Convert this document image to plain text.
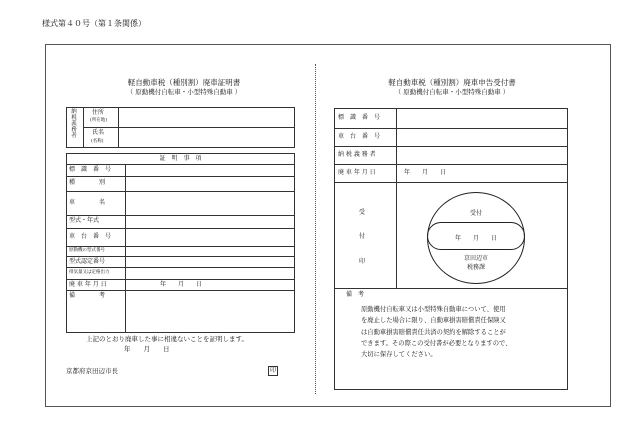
様式第４０号（第１条関係）
軽自動車税（種別割）廃車証明書
（ 原動機付自転車・小型特殊自動車 ）
納
税
義
務
者
住所
(所在地)
氏名
(名称)
証　明　事　項
標　識　番　号
種　　　　別
車　　　　名
型式・年式
車　台　番　号
原動機の型式番号
型式認定番号
排気量又は定格出力
廃 車 年 月 日	年　　月　　日
備　　　　考
上記のとおり廃車した事に相違ないことを証明します。
年　　月　　日
京都府京田辺市長	印
軽自動車税（種別割）廃車申告受付書
（ 原動機付自転車・小型特殊自動車 ）
標　識　番　号
車　台　番　号
納 税 義 務 者
廃 車 年 月 日	年　　月　　日
受
付
印
受付
年　　月　　日
京田辺市
税務課
備　考
原動機付自転車又は小型特殊自動車について、使用
を廃止した場合に限り、自動車損害賠償責任保険又
は自動車損害賠償責任共済の契約を解除することが
できます。その際この受付書が必要となりますので、
大切に保存してください。
